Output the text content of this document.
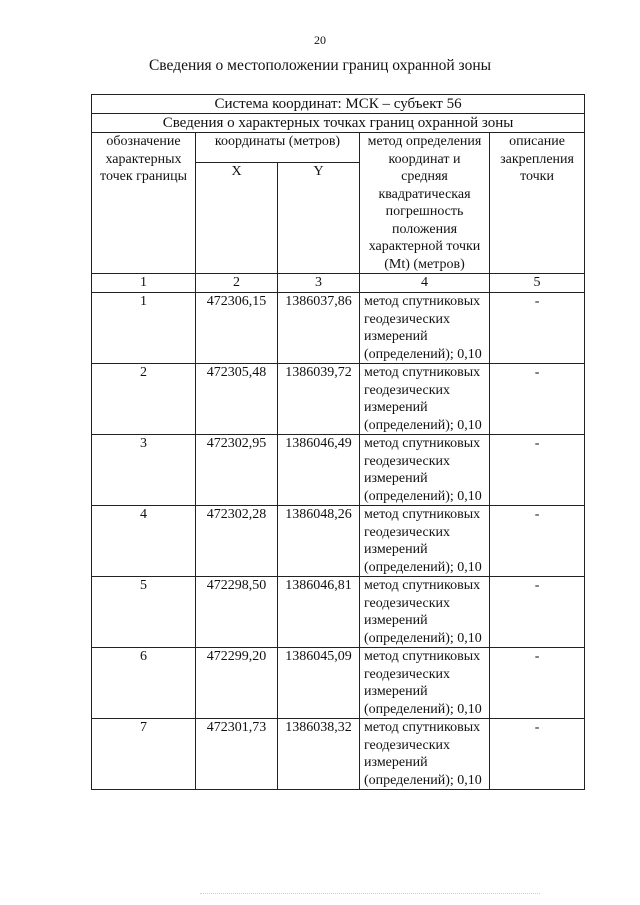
20
Сведения о местоположении границ охранной зоны
Система координат: МСК – субъект 56				
Сведения о характерных точках границ охранной зоны				
обозначение характерных точек границы	координаты (метров)		метод определения координат и средняя квадратическая погрешность положения характерной точки (Mt) (метров)	описание закрепления точки
	X	Y		
1	2	3	4	5
1	472306,15	1386037,86	метод спутниковых геодезических измерений (определений); 0,10	-
2	472305,48	1386039,72	метод спутниковых геодезических измерений (определений); 0,10	-
3	472302,95	1386046,49	метод спутниковых геодезических измерений (определений); 0,10	-
4	472302,28	1386048,26	метод спутниковых геодезических измерений (определений); 0,10	-
5	472298,50	1386046,81	метод спутниковых геодезических измерений (определений); 0,10	-
6	472299,20	1386045,09	метод спутниковых геодезических измерений (определений); 0,10	-
7	472301,73	1386038,32	метод спутниковых геодезических измерений (определений); 0,10	-
